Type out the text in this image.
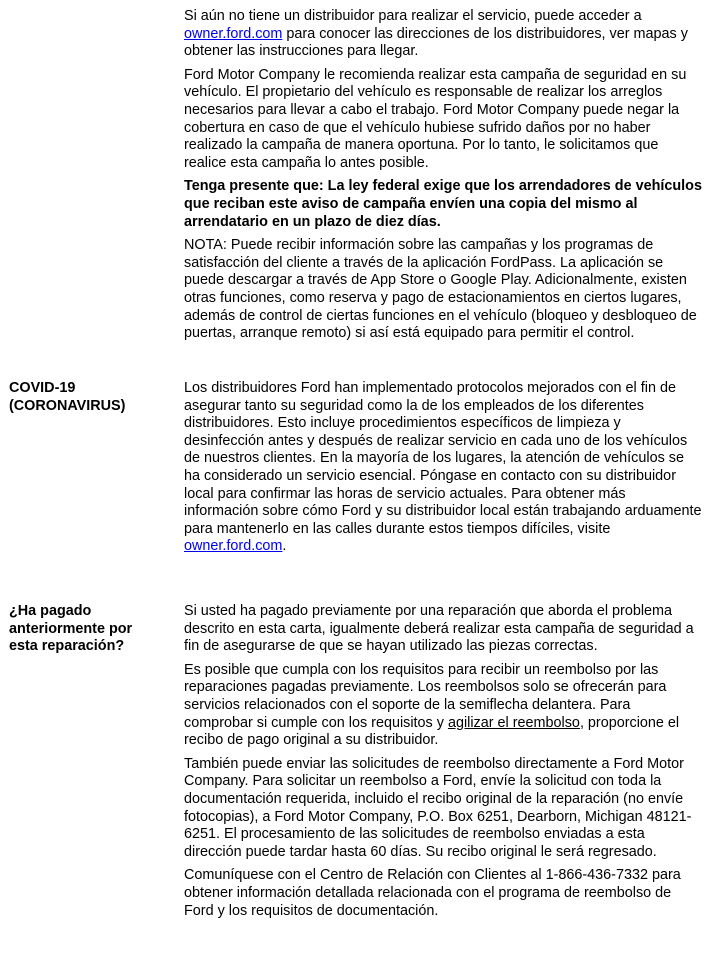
Si aún no tiene un distribuidor para realizar el servicio, puede acceder a owner.ford.com para conocer las direcciones de los distribuidores, ver mapas y obtener las instrucciones para llegar.

Ford Motor Company le recomienda realizar esta campaña de seguridad en su vehículo. El propietario del vehículo es responsable de realizar los arreglos necesarios para llevar a cabo el trabajo. Ford Motor Company puede negar la cobertura en caso de que el vehículo hubiese sufrido daños por no haber realizado la campaña de manera oportuna. Por lo tanto, le solicitamos que realice esta campaña lo antes posible.

Tenga presente que: La ley federal exige que los arrendadores de vehículos que reciban este aviso de campaña envíen una copia del mismo al arrendatario en un plazo de diez días.

NOTA: Puede recibir información sobre las campañas y los programas de satisfacción del cliente a través de la aplicación FordPass. La aplicación se puede descargar a través de App Store o Google Play. Adicionalmente, existen otras funciones, como reserva y pago de estacionamientos en ciertos lugares, además de control de ciertas funciones en el vehículo (bloqueo y desbloqueo de puertas, arranque remoto) si así está equipado para permitir el control.

COVID-19 (CORONAVIRUS)

Los distribuidores Ford han implementado protocolos mejorados con el fin de asegurar tanto su seguridad como la de los empleados de los diferentes distribuidores. Esto incluye procedimientos específicos de limpieza y desinfección antes y después de realizar servicio en cada uno de los vehículos de nuestros clientes. En la mayoría de los lugares, la atención de vehículos se ha considerado un servicio esencial. Póngase en contacto con su distribuidor local para confirmar las horas de servicio actuales. Para obtener más información sobre cómo Ford y su distribuidor local están trabajando arduamente para mantenerlo en las calles durante estos tiempos difíciles, visite owner.ford.com.

¿Ha pagado anteriormente por esta reparación?

Si usted ha pagado previamente por una reparación que aborda el problema descrito en esta carta, igualmente deberá realizar esta campaña de seguridad a fin de asegurarse de que se hayan utilizado las piezas correctas.

Es posible que cumpla con los requisitos para recibir un reembolso por las reparaciones pagadas previamente. Los reembolsos solo se ofrecerán para servicios relacionados con el soporte de la semiflecha delantera. Para comprobar si cumple con los requisitos y agilizar el reembolso, proporcione el recibo de pago original a su distribuidor.

También puede enviar las solicitudes de reembolso directamente a Ford Motor Company. Para solicitar un reembolso a Ford, envíe la solicitud con toda la documentación requerida, incluido el recibo original de la reparación (no envíe fotocopias), a Ford Motor Company, P.O. Box 6251, Dearborn, Michigan 48121-6251. El procesamiento de las solicitudes de reembolso enviadas a esta dirección puede tardar hasta 60 días. Su recibo original le será regresado.

Comuníquese con el Centro de Relación con Clientes al 1-866-436-7332 para obtener información detallada relacionada con el programa de reembolso de Ford y los requisitos de documentación.
